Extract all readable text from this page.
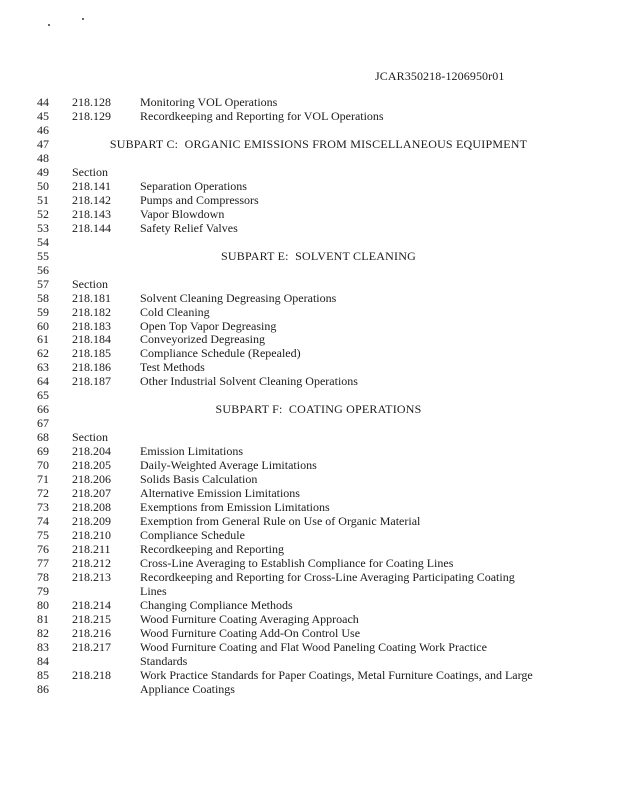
JCAR350218-1206950r01
44	218.128	Monitoring VOL Operations
45	218.129	Recordkeeping and Reporting for VOL Operations
46
47	SUBPART C:  ORGANIC EMISSIONS FROM MISCELLANEOUS EQUIPMENT
48
49	Section
50	218.141	Separation Operations
51	218.142	Pumps and Compressors
52	218.143	Vapor Blowdown
53	218.144	Safety Relief Valves
54
55	SUBPART E:  SOLVENT CLEANING
56
57	Section
58	218.181	Solvent Cleaning Degreasing Operations
59	218.182	Cold Cleaning
60	218.183	Open Top Vapor Degreasing
61	218.184	Conveyorized Degreasing
62	218.185	Compliance Schedule (Repealed)
63	218.186	Test Methods
64	218.187	Other Industrial Solvent Cleaning Operations
65
66	SUBPART F:  COATING OPERATIONS
67
68	Section
69	218.204	Emission Limitations
70	218.205	Daily-Weighted Average Limitations
71	218.206	Solids Basis Calculation
72	218.207	Alternative Emission Limitations
73	218.208	Exemptions from Emission Limitations
74	218.209	Exemption from General Rule on Use of Organic Material
75	218.210	Compliance Schedule
76	218.211	Recordkeeping and Reporting
77	218.212	Cross-Line Averaging to Establish Compliance for Coating Lines
78	218.213	Recordkeeping and Reporting for Cross-Line Averaging Participating Coating
79	Lines
80	218.214	Changing Compliance Methods
81	218.215	Wood Furniture Coating Averaging Approach
82	218.216	Wood Furniture Coating Add-On Control Use
83	218.217	Wood Furniture Coating and Flat Wood Paneling Coating Work Practice
84	Standards
85	218.218	Work Practice Standards for Paper Coatings, Metal Furniture Coatings, and Large
86	Appliance Coatings
